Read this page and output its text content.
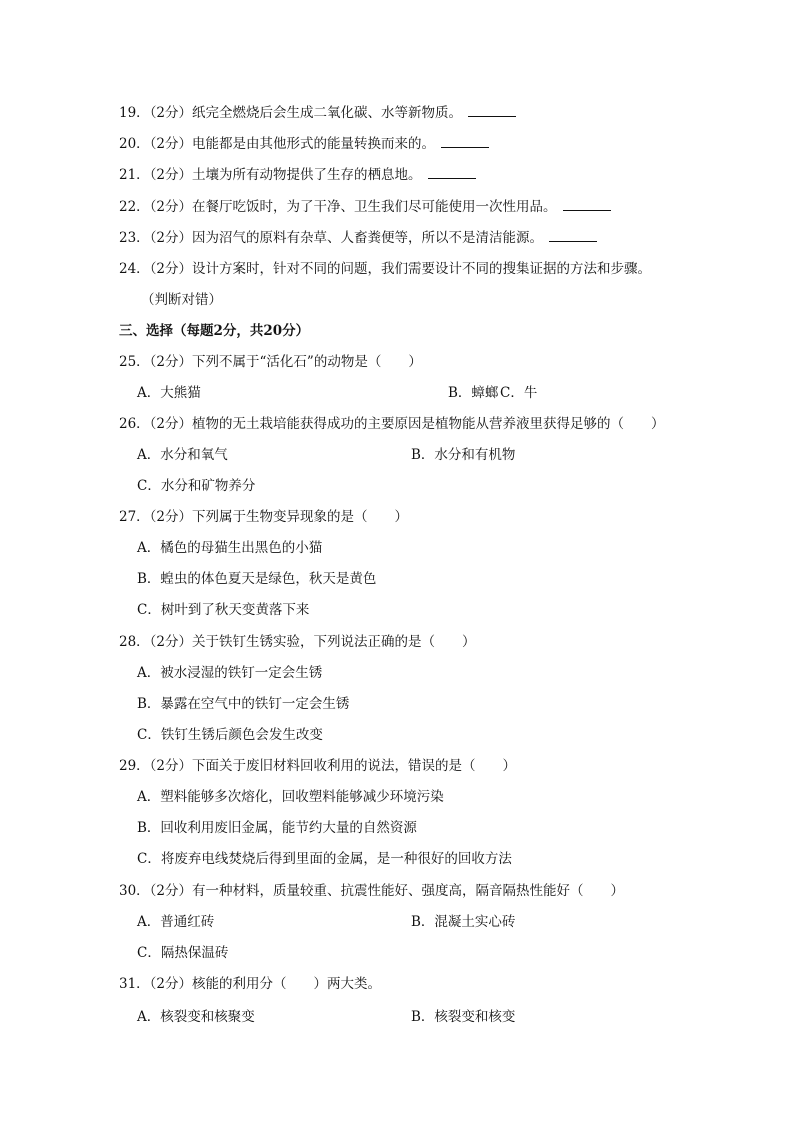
19．（2分）纸完全燃烧后会生成二氧化碳、水等新物质。
20．（2分）电能都是由其他形式的能量转换而来的。
21．（2分）土壤为所有动物提供了生存的栖息地。
22．（2分）在餐厅吃饭时，为了干净、卫生我们尽可能使用一次性用品。
23．（2分）因为沼气的原料有杂草、人畜粪便等，所以不是清洁能源。
24．（2分）设计方案时，针对不同的问题，我们需要设计不同的搜集证据的方法和步骤。
（判断对错）
三、选择（每题2分，共20分）
25．（2分）下列不属于“活化石”的动物是（　　）
A．大熊猫	B．蟑螂 C．牛
26．（2分）植物的无土栽培能获得成功的主要原因是植物能从营养液里获得足够的（　　）
A．水分和氧气	B．水分和有机物
C．水分和矿物养分
27．（2分）下列属于生物变异现象的是（　　）
A．橘色的母猫生出黑色的小猫
B．蝗虫的体色夏天是绿色，秋天是黄色
C．树叶到了秋天变黄落下来
28．（2分）关于铁钉生锈实验，下列说法正确的是（　　）
A．被水浸湿的铁钉一定会生锈
B．暴露在空气中的铁钉一定会生锈
C．铁钉生锈后颜色会发生改变
29．（2分）下面关于废旧材料回收利用的说法，错误的是（　　）
A．塑料能够多次熔化，回收塑料能够减少环境污染
B．回收利用废旧金属，能节约大量的自然资源
C．将废弃电线焚烧后得到里面的金属，是一种很好的回收方法
30．（2分）有一种材料，质量较重、抗震性能好、强度高，隔音隔热性能好（　　）
A．普通红砖	B．混凝土实心砖
C．隔热保温砖
31．（2分）核能的利用分（　　）两大类。
A．核裂变和核聚变	B．核裂变和核变
